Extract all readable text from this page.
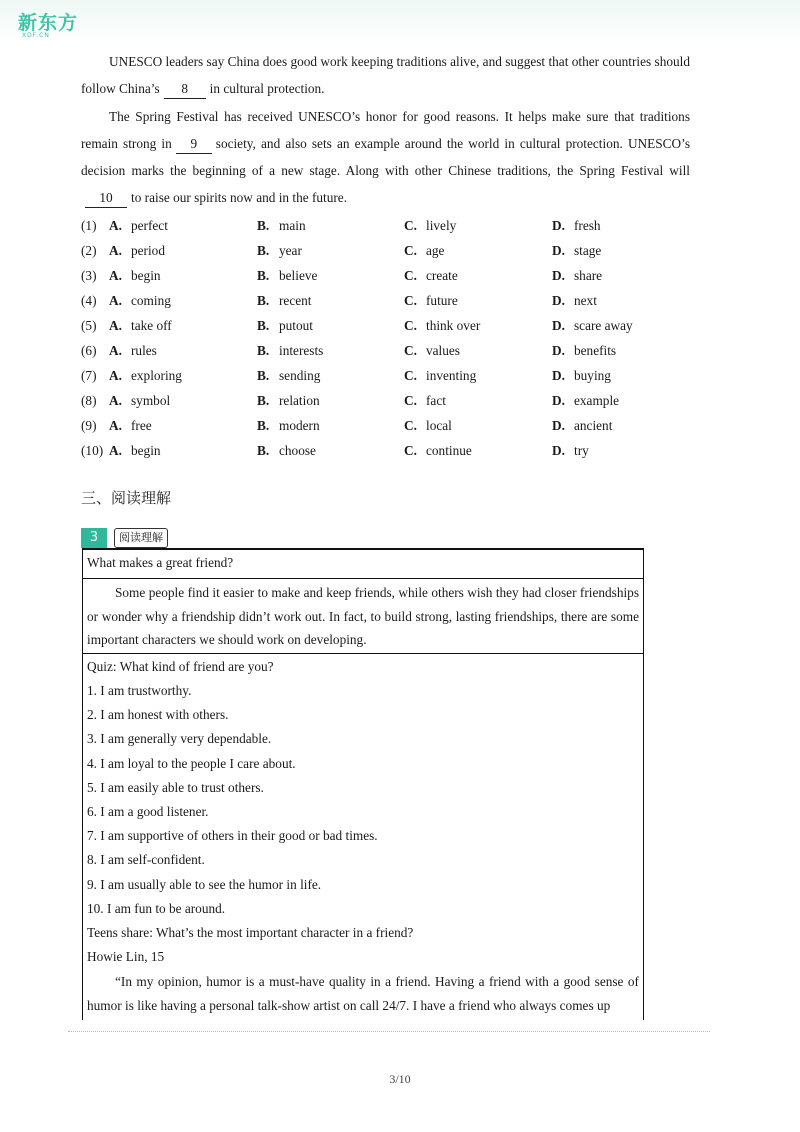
新东方
XDF.CN

UNESCO leaders say China does good work keeping traditions alive, and suggest that other countries should follow China’s 8 in cultural protection.

The Spring Festival has received UNESCO’s honor for good reasons. It helps make sure that traditions remain strong in 9 society, and also sets an example around the world in cultural protection. UNESCO’s decision marks the beginning of a new stage. Along with other Chinese traditions, the Spring Festival will10 to raise our spirits now and in the future.

(1) A. perfect	B. main	C. lively	D. fresh
(2) A. period	B. year	C. age	D. stage
(3) A. begin	B. believe	C. create	D. share
(4) A. coming	B. recent	C. future	D. next
(5) A. take off	B. putout	C. think over	D. scare away
(6) A. rules	B. interests	C. values	D. benefits
(7) A. exploring	B. sending	C. inventing	D. buying
(8) A. symbol	B. relation	C. fact	D. example
(9) A. free	B. modern	C. local	D. ancient
(10) A. begin	B. choose	C. continue	D. try
三、阅读理解
3	阅读理解
What makes a great friend?

Some people find it easier to make and keep friends, while others wish they had closer friendships or wonder why a friendship didn’t work out. In fact, to build strong, lasting friendships, there are some important characters we should work on developing.

Quiz: What kind of friend are you?
1. I am trustworthy.
2. I am honest with others.
3. I am generally very dependable.
4. I am loyal to the people I care about.
5. I am easily able to trust others.
6. I am a good listener.
7. I am supportive of others in their good or bad times.
8. I am self-confident.
9. I am usually able to see the humor in life.
10. I am fun to be around.
Teens share: What’s the most important character in a friend?
Howie Lin, 15

“In my opinion, humor is a must-have quality in a friend. Having a friend with a good sense of humor is like having a personal talk-show artist on call 24/7. I have a friend who always comes up

3/10
